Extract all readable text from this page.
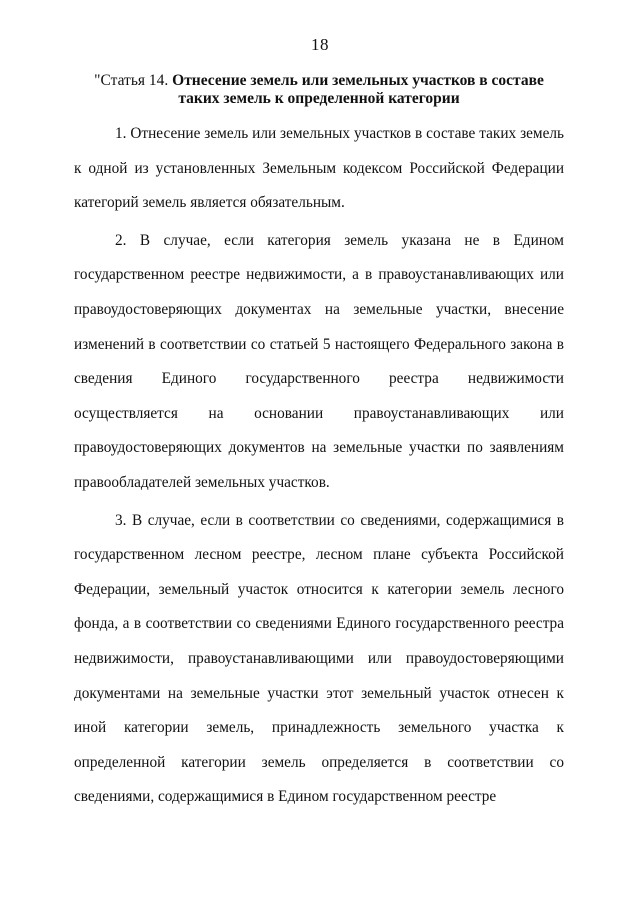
18
"Статья 14. Отнесение земель или земельных участков в составе таких земель к определенной категории

1. Отнесение земель или земельных участков в составе таких земель к одной из установленных Земельным кодексом Российской Федерации категорий земель является обязательным.

2. В случае, если категория земель указана не в Едином государственном реестре недвижимости, а в правоустанавливающих или правоудостоверяющих документах на земельные участки, внесение изменений в соответствии со статьей 5 настоящего Федерального закона в сведения Единого государственного реестра недвижимости осуществляется на основании правоустанавливающих или правоудостоверяющих документов на земельные участки по заявлениям правообладателей земельных участков.

3. В случае, если в соответствии со сведениями, содержащимися в государственном лесном реестре, лесном плане субъекта Российской Федерации, земельный участок относится к категории земель лесного фонда, а в соответствии со сведениями Единого государственного реестра недвижимости, правоустанавливающими или правоудостоверяющими документами на земельные участки этот земельный участок отнесен к иной категории земель, принадлежность земельного участка к определенной категории земель определяется в соответствии со сведениями, содержащимися в Едином государственном реестре
